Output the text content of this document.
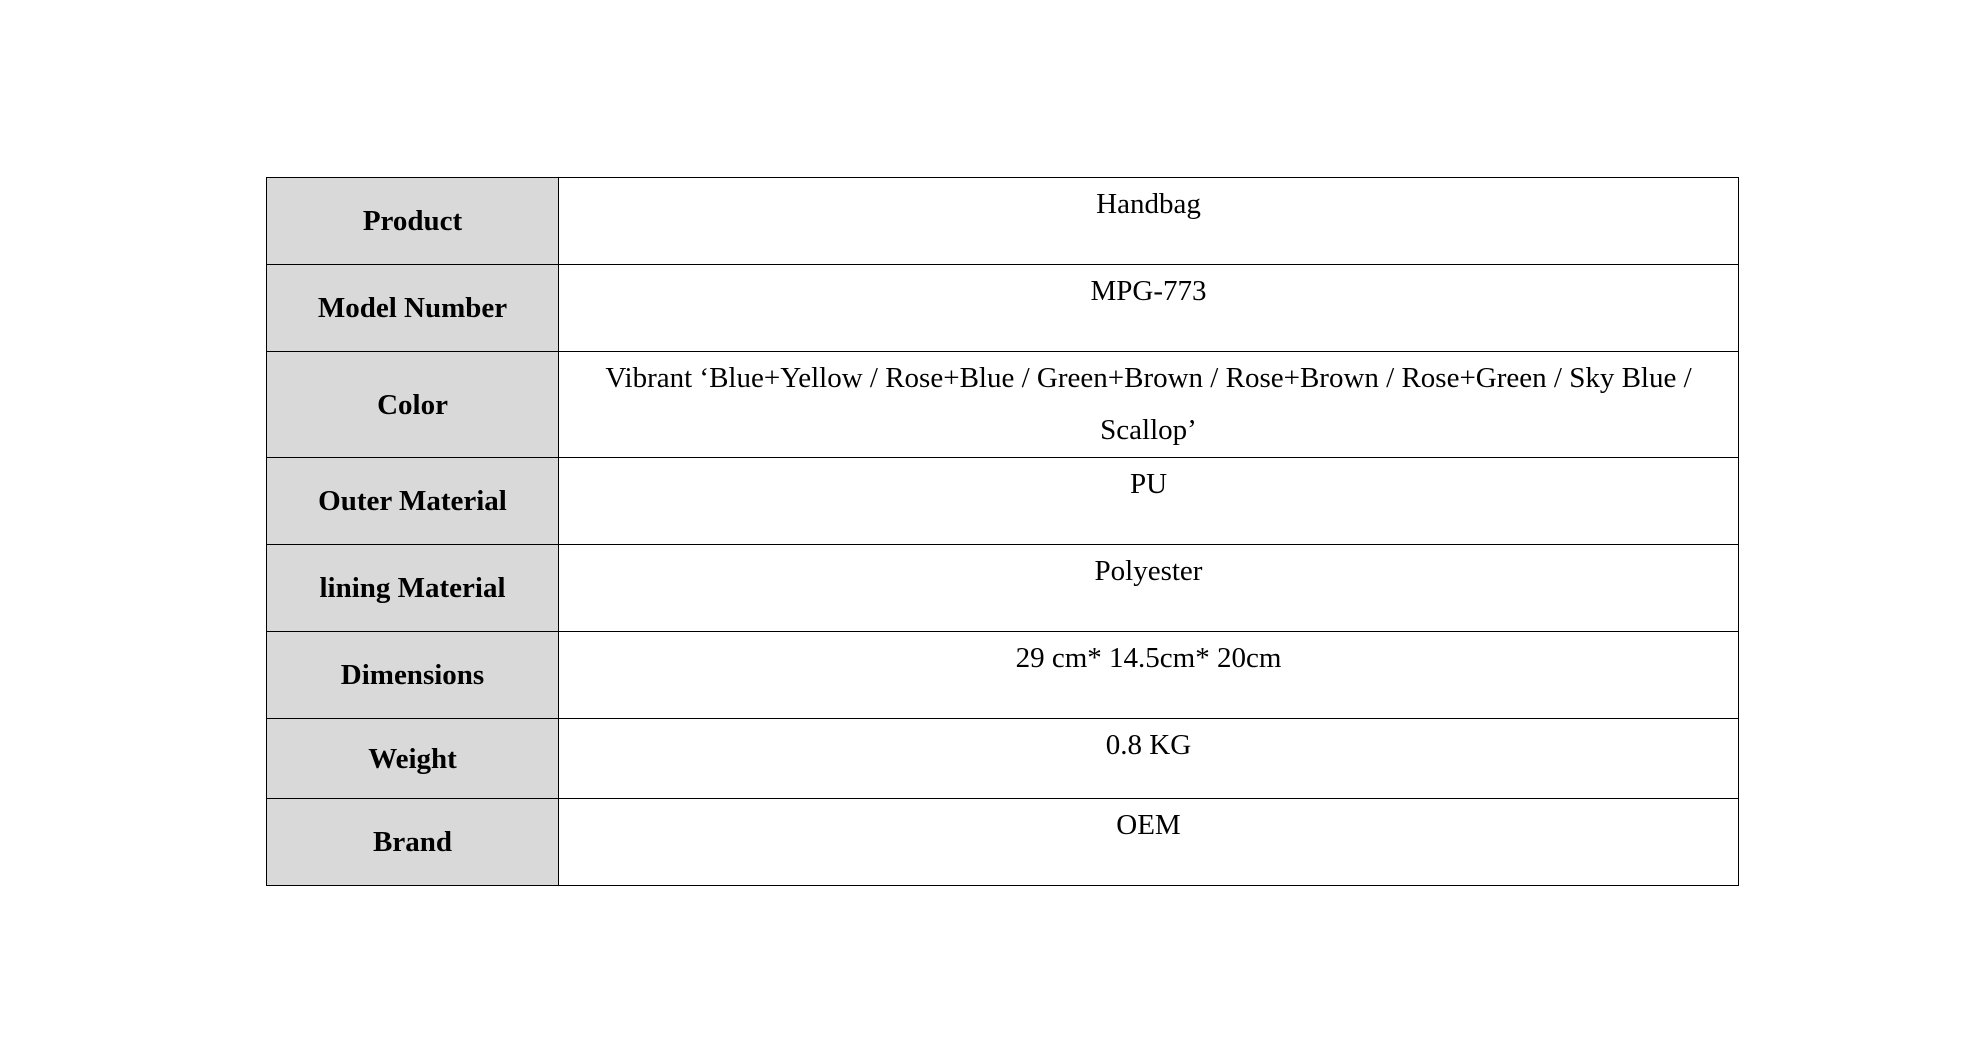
Product	Handbag

Model Number	MPG-773

Color	Vibrant ‘Blue+Yellow / Rose+Blue / Green+Brown / Rose+Brown / Rose+Green / Sky Blue / Scallop’

Outer Material	PU

lining Material	Polyester

Dimensions	29 cm* 14.5cm* 20cm

Weight	0.8 KG

Brand	OEM
